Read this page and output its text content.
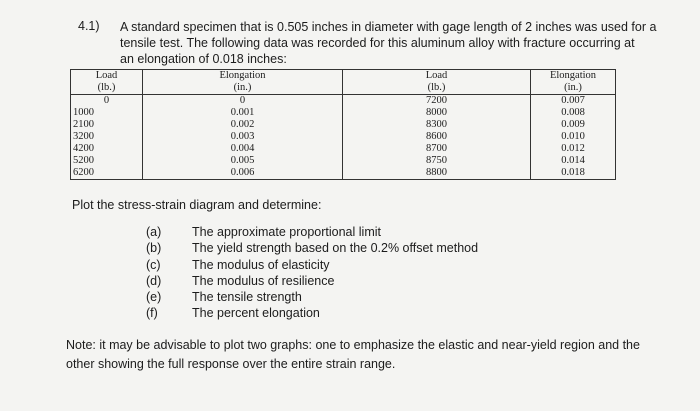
4.1) A standard specimen that is 0.505 inches in diameter with gage length of 2 inches was used for a
tensile test. The following data was recorded for this aluminum alloy with fracture occurring at
an elongation of 0.018 inches:
Load	Elongation	Load	Elongation
(lb.)	(in.)	(lb.)	(in.)
0	0	7200	0.007
1000	0.001	8000	0.008
2100	0.002	8300	0.009
3200	0.003	8600	0.010
4200	0.004	8700	0.012
5200	0.005	8750	0.014
6200	0.006	8800	0.018
Plot the stress-strain diagram and determine:
(a)	The approximate proportional limit
(b)	The yield strength based on the 0.2% offset method
(c)	The modulus of elasticity
(d)	The modulus of resilience
(e)	The tensile strength
(f)	The percent elongation
Note: it may be advisable to plot two graphs: one to emphasize the elastic and near-yield region and the
other showing the full response over the entire strain range.
